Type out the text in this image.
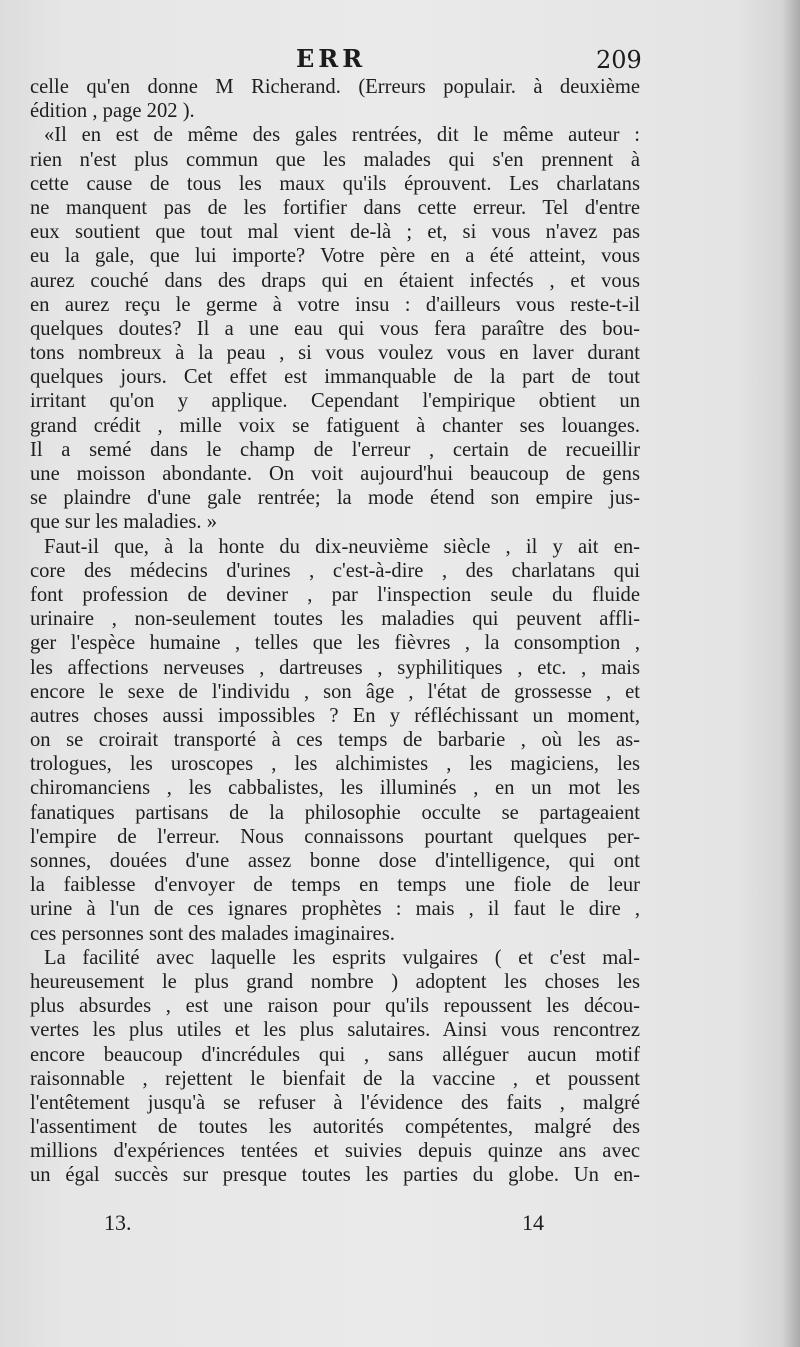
ERR	209
celle qu'en donne M Richerand. (Erreurs populair. à deuxième
édition , page 202 ).
«Il en est de même des gales rentrées, dit le même auteur :
rien n'est plus commun que les malades qui s'en prennent à
cette cause de tous les maux qu'ils éprouvent. Les charlatans
ne manquent pas de les fortifier dans cette erreur. Tel d'entre
eux soutient que tout mal vient de-là ; et, si vous n'avez pas
eu la gale, que lui importe? Votre père en a été atteint, vous
aurez couché dans des draps qui en étaient infectés , et vous
en aurez reçu le germe à votre insu : d'ailleurs vous reste-t-il
quelques doutes? Il a une eau qui vous fera paraître des bou-
tons nombreux à la peau , si vous voulez vous en laver durant
quelques jours. Cet effet est immanquable de la part de tout
irritant qu'on y applique. Cependant l'empirique obtient un
grand crédit , mille voix se fatiguent à chanter ses louanges.
Il a semé dans le champ de l'erreur , certain de recueillir
une moisson abondante. On voit aujourd'hui beaucoup de gens
se plaindre d'une gale rentrée; la mode étend son empire jus-
que sur les maladies. »
Faut-il que, à la honte du dix-neuvième siècle , il y ait en-
core des médecins d'urines , c'est-à-dire , des charlatans qui
font profession de deviner , par l'inspection seule du fluide
urinaire , non-seulement toutes les maladies qui peuvent affli-
ger l'espèce humaine , telles que les fièvres , la consomption ,
les affections nerveuses , dartreuses , syphilitiques , etc. , mais
encore le sexe de l'individu , son âge , l'état de grossesse , et
autres choses aussi impossibles ? En y réfléchissant un moment,
on se croirait transporté à ces temps de barbarie , où les as-
trologues, les uroscopes , les alchimistes , les magiciens, les
chiromanciens , les cabbalistes, les illuminés , en un mot les
fanatiques partisans de la philosophie occulte se partageaient
l'empire de l'erreur. Nous connaissons pourtant quelques per-
sonnes, douées d'une assez bonne dose d'intelligence, qui ont
la faiblesse d'envoyer de temps en temps une fiole de leur
urine à l'un de ces ignares prophètes : mais , il faut le dire ,
ces personnes sont des malades imaginaires.
La facilité avec laquelle les esprits vulgaires ( et c'est mal-
heureusement le plus grand nombre ) adoptent les choses les
plus absurdes , est une raison pour qu'ils repoussent les décou-
vertes les plus utiles et les plus salutaires. Ainsi vous rencontrez
encore beaucoup d'incrédules qui , sans alléguer aucun motif
raisonnable , rejettent le bienfait de la vaccine , et poussent
l'entêtement jusqu'à se refuser à l'évidence des faits , malgré
l'assentiment de toutes les autorités compétentes, malgré des
millions d'expériences tentées et suivies depuis quinze ans avec
un égal succès sur presque toutes les parties du globe. Un en-
13.	14
